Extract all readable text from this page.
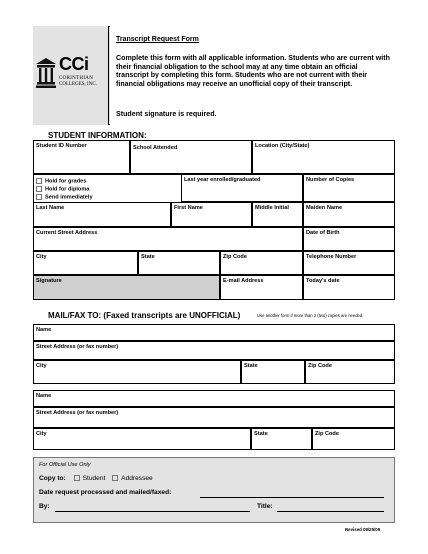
CCi
CORINTHIAN
COLLEGES, INC.
Transcript Request Form
Complete this form with all applicable information. Students who are current with their financial obligation to the school may at any time obtain an official transcript by completing this form. Students who are not current with their financial obligations may receive an unofficial copy of their transcript.
Student signature is required.
STUDENT INFORMATION:
Student ID Number	School Attended	Location (City/State)
Hold for grades
Hold for diploma
Send immediately
Last year enrolled/graduated	Number of Copies
Last Name	First Name	Middle Initial	Maiden Name
Current Street Address	Date of Birth
City	State	Zip Code	Telephone Number
Signature	E-mail Address	Today's date
MAIL/FAX TO: (Faxed transcripts are UNOFFICIAL)	Use another form if more than 2 (two) copies are needed.
Name
Street Address (or fax number)
City	State	Zip Code
Name
Street Address (or fax number)
City	State	Zip Code
For Official Use Only
Copy to:	Student Addressee
Date request processed and mailed/faxed:
By:	Title:
Revised 08/25/09
